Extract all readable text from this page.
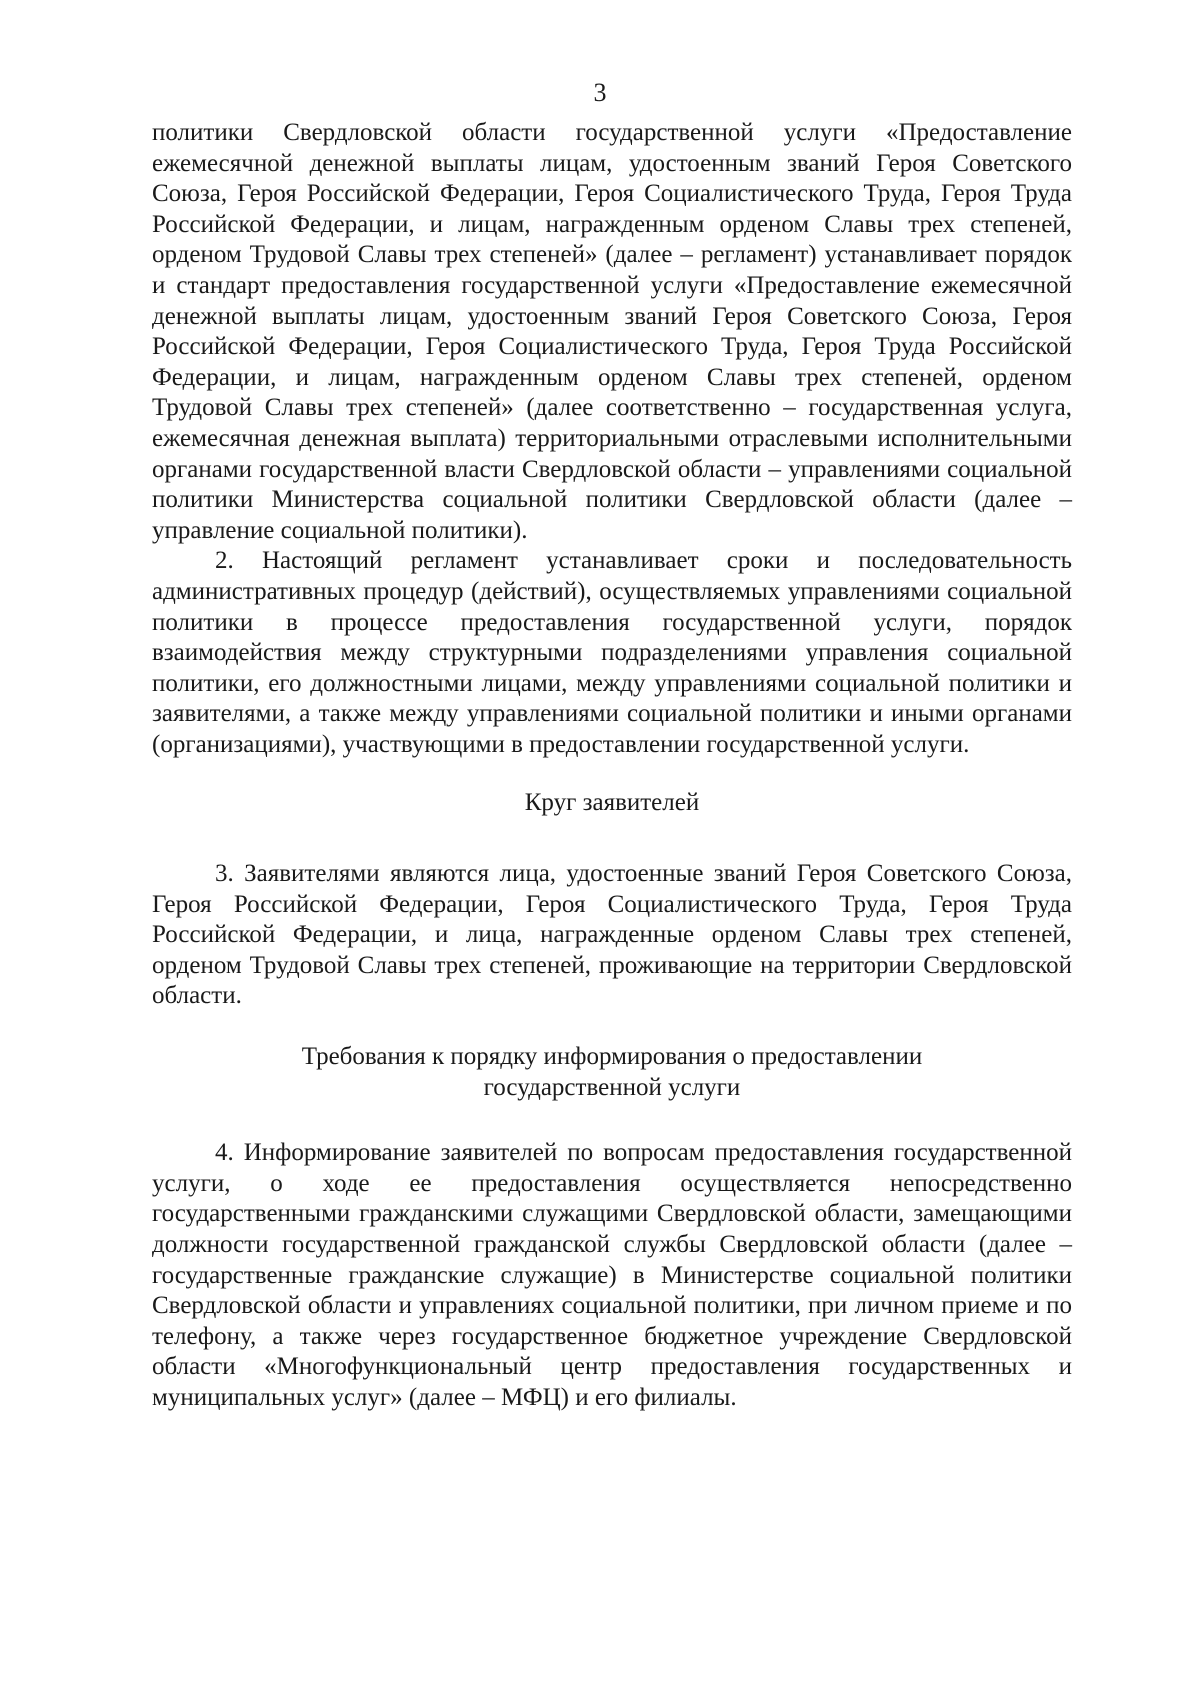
3

политики Свердловской области государственной услуги «Предоставление ежемесячной денежной выплаты лицам, удостоенным званий Героя Советского Союза, Героя Российской Федерации, Героя Социалистического Труда, Героя Труда Российской Федерации, и лицам, награжденным орденом Славы трех степеней, орденом Трудовой Славы трех степеней» (далее – регламент) устанавливает порядок и стандарт предоставления государственной услуги «Предоставление ежемесячной денежной выплаты лицам, удостоенным званий Героя Советского Союза, Героя Российской Федерации, Героя Социалистического Труда, Героя Труда Российской Федерации, и лицам, награжденным орденом Славы трех степеней, орденом Трудовой Славы трех степеней» (далее соответственно – государственная услуга, ежемесячная денежная выплата) территориальными отраслевыми исполнительными органами государственной власти Свердловской области – управлениями социальной политики Министерства социальной политики Свердловской области (далее – управление социальной политики).

2. Настоящий регламент устанавливает сроки и последовательность административных процедур (действий), осуществляемых управлениями социальной политики в процессе предоставления государственной услуги, порядок взаимодействия между структурными подразделениями управления социальной политики, его должностными лицами, между управлениями социальной политики и заявителями, а также между управлениями социальной политики и иными органами (организациями), участвующими в предоставлении государственной услуги.

Круг заявителей

3. Заявителями являются лица, удостоенные званий Героя Советского Союза, Героя Российской Федерации, Героя Социалистического Труда, Героя Труда Российской Федерации, и лица, награжденные орденом Славы трех степеней, орденом Трудовой Славы трех степеней, проживающие на территории Свердловской области.

Требования к порядку информирования о предоставлении
государственной услуги

4. Информирование заявителей по вопросам предоставления государственной услуги, о ходе ее предоставления осуществляется непосредственно государственными гражданскими служащими Свердловской области, замещающими должности государственной гражданской службы Свердловской области (далее – государственные гражданские служащие) в Министерстве социальной политики Свердловской области и управлениях социальной политики, при личном приеме и по телефону, а также через государственное бюджетное учреждение Свердловской области «Многофункциональный центр предоставления государственных и муниципальных услуг» (далее – МФЦ) и его филиалы.
